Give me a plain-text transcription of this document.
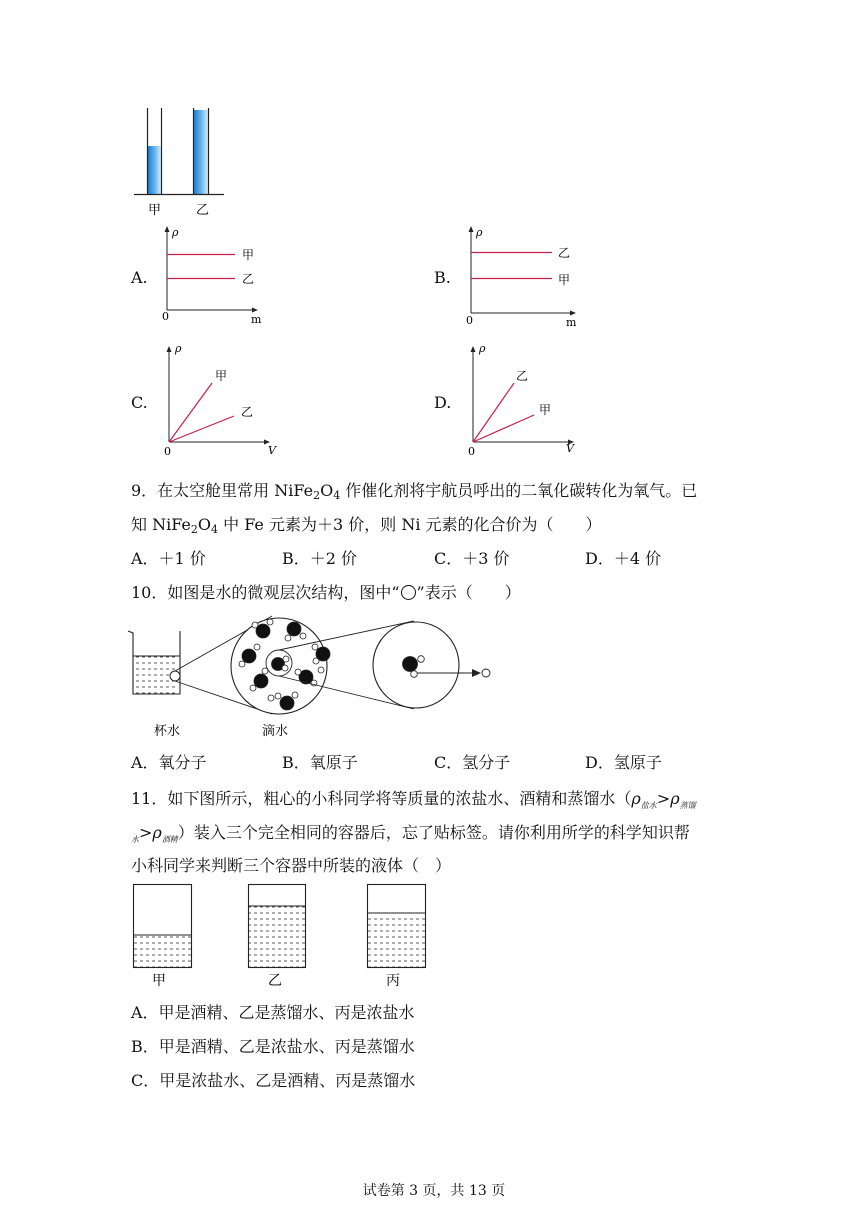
甲	乙
A.
ρ
m
0
甲
乙	B.
ρ
m
0
乙
甲
C.
ρ
V
0
甲
乙	D.
ρ
V
0
乙
甲
9．在太空舱里常用 $NiFe_2O_4$ 作催化剂将宇航员呼出的二氧化碳转化为氧气。已
知 $NiFe_2O_4$ 中 Fe 元素为＋3 价，则 Ni 元素的化合价为（　　）
A．＋1 价	B．＋2 价	C．＋3 价	D．＋4 价
10．如图是水的微观层次结构，图中“ ”表示（　　）
杯水	滴水
A．氧分子	B．氧原子	C．氢分子	D．氢原子
11．如下图所示，粗心的小科同学将等质量的浓盐水、酒精和蒸馏水（$\rho_{盐水}>\rho_{蒸馏}$
$_水>\rho_{酒精}$）装入三个完全相同的容器后，忘了贴标签。请你利用所学的科学知识帮
小科同学来判断三个容器中所装的液体（　）
甲	乙	丙
A．甲是酒精、乙是蒸馏水、丙是浓盐水
B．甲是酒精、乙是浓盐水、丙是蒸馏水
C．甲是浓盐水、乙是酒精、丙是蒸馏水
试卷第 3 页，共 13 页
